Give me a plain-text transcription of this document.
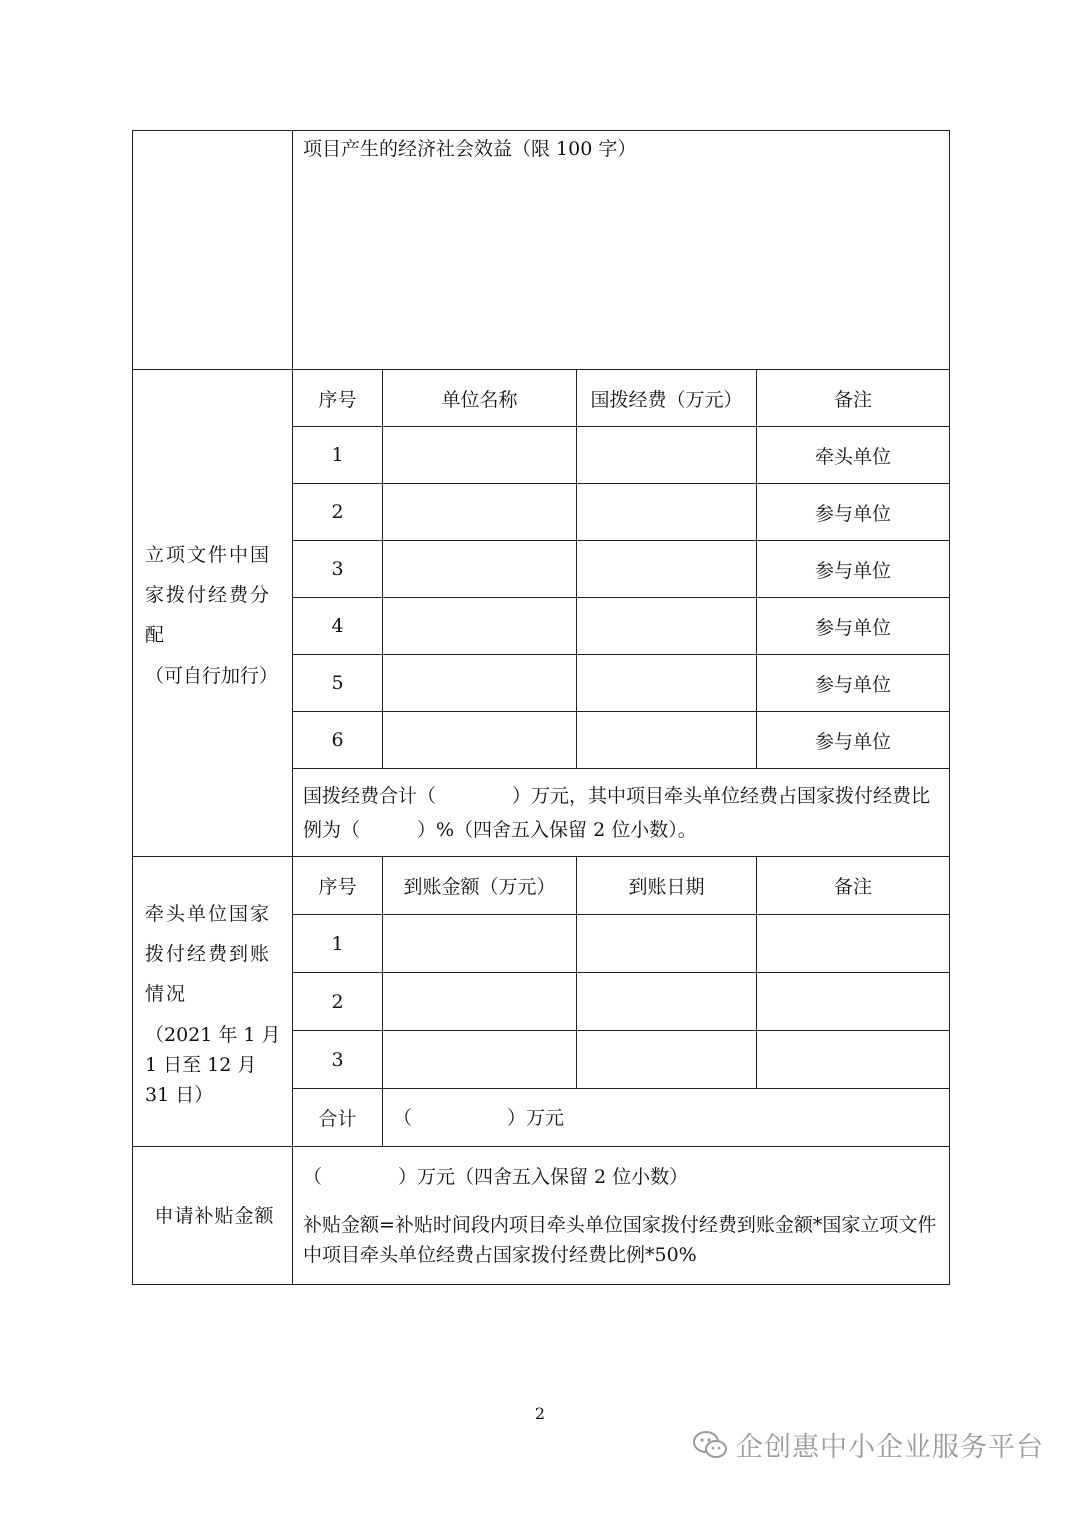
	项目产生的经济社会效益（限 100 字）			
立项文件中国家拨付经费分配
（可自行加行）	序号	单位名称	国拨经费（万元）	备注
	1			牵头单位
	2			参与单位
	3			参与单位
	4			参与单位
	5			参与单位
	6			参与单位
	国拨经费合计（　　　　）万元，其中项目牵头单位经费占国家拨付经费比例为（　　　）%（四舍五入保留 2 位小数）。			
牵头单位国家拨付经费到账情况
（2021 年 1 月 1 日至 12 月 31 日）	序号	到账金额（万元）	到账日期	备注
	1			
	2			
	3			
	合计	（　　　　　）万元		
申请补贴金额	（　　　　）万元（四舍五入保留 2 位小数）
补贴金额=补贴时间段内项目牵头单位国家拨付经费到账金额*国家立项文件中项目牵头单位经费占国家拨付经费比例*50%			
2
企创惠中小企业服务平台
